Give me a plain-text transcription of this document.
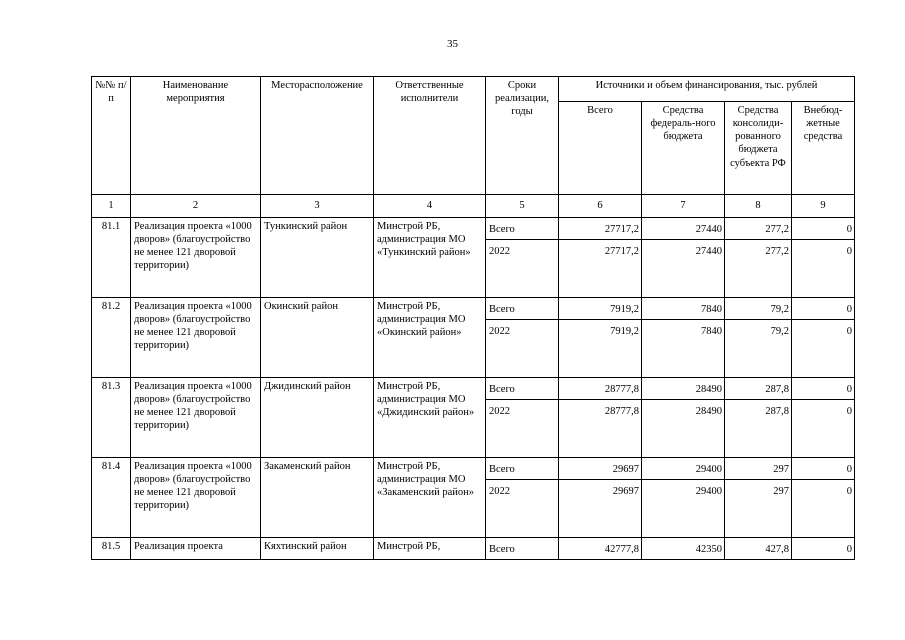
35
№№ п/п	Наименование мероприятия	Месторасположение	Ответственные исполнители	Сроки реализации, годы	Источники и объем финансирования, тыс. рублей			
					Всего	Средства федераль-ного бюджета	Средства консолиди-рованного бюджета субъекта РФ	Внебюд-жетные средства
1	2	3	4	5	6	7	8	9
81.1	Реализация проекта «1000 дворов» (благоустройство не менее 121 дворовой территории)	Тункинский район	Минстрой РБ, администрация МО «Тункинский район»	Всего	27717,2	27440	277,2	0
				2022	27717,2	27440	277,2	0
81.2	Реализация проекта «1000 дворов» (благоустройство не менее 121 дворовой территории)	Окинский район	Минстрой РБ, администрация МО «Окинский район»	Всего	7919,2	7840	79,2	0
				2022	7919,2	7840	79,2	0
81.3	Реализация проекта «1000 дворов» (благоустройство не менее 121 дворовой территории)	Джидинский район	Минстрой РБ, администрация МО «Джидинский район»	Всего	28777,8	28490	287,8	0
				2022	28777,8	28490	287,8	0
81.4	Реализация проекта «1000 дворов» (благоустройство не менее 121 дворовой территории)	Закаменский район	Минстрой РБ, администрация МО «Закаменский район»	Всего	29697	29400	297	0
				2022	29697	29400	297	0
81.5	Реализация проекта	Кяхтинский район	Минстрой РБ,	Всего	42777,8	42350	427,8	0
